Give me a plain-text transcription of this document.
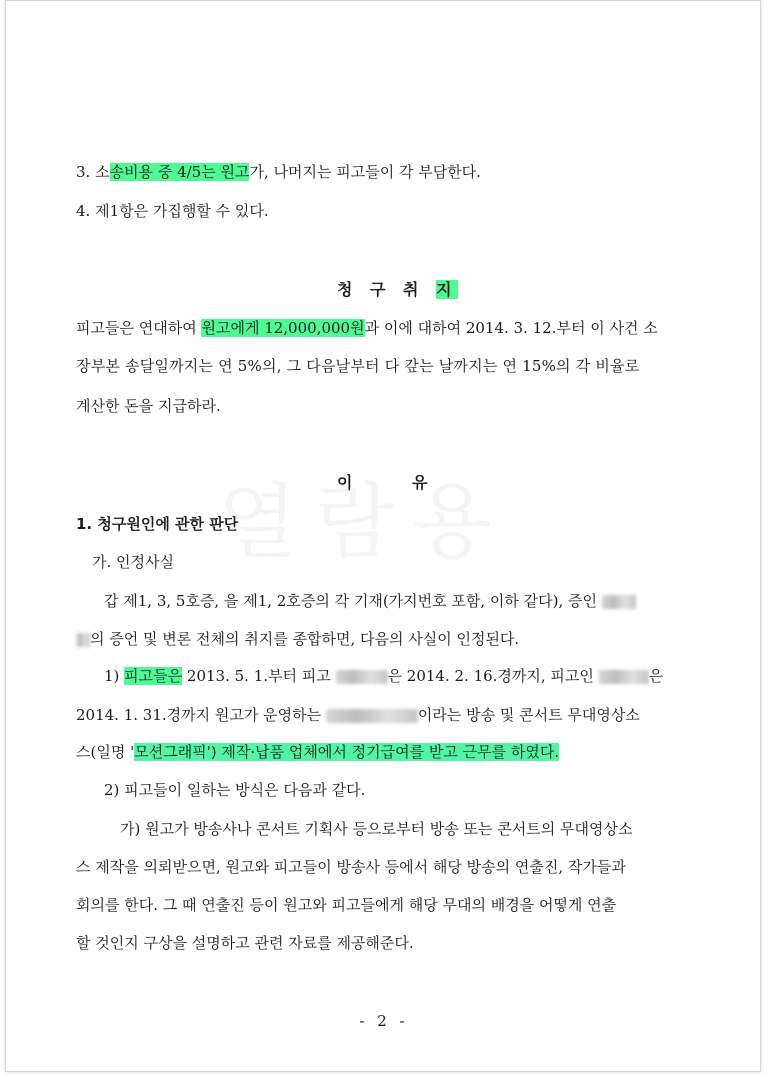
3. 소송비용 중 4/5는 원고가, 나머지는 피고들이 각 부담한다.
4. 제1항은 가집행할 수 있다.
청 구 취 지
피고들은 연대하여 원고에게 12,000,000원과 이에 대하여 2014. 3. 12.부터 이 사건 소
장부본 송달일까지는 연 5%의, 그 다음날부터 다 갚는 날까지는 연 15%의 각 비율로
계산한 돈을 지급하라.
이	유
1. 청구원인에 관한 판단
가. 인정사실
갑 제1, 3, 5호증, 을 제1, 2호증의 각 기재(가지번호 포함, 이하 같다), 증인
의 증언 및 변론 전체의 취지를 종합하면, 다음의 사실이 인정된다.
1) 피고들은 2013. 5. 1.부터 피고	은 2014. 2. 16.경까지, 피고인	은
2014. 1. 31.경까지 원고가 운영하는	이라는 방송 및 콘서트 무대영상소
스(일명 '모션그래픽') 제작·납품 업체에서 정기급여를 받고 근무를 하였다.
2) 피고들이 일하는 방식은 다음과 같다.
가) 원고가 방송사나 콘서트 기획사 등으로부터 방송 또는 콘서트의 무대영상소
스 제작을 의뢰받으면, 원고와 피고들이 방송사 등에서 해당 방송의 연출진, 작가들과
회의를 한다. 그 때 연출진 등이 원고와 피고들에게 해당 무대의 배경을 어떻게 연출
할 것인지 구상을 설명하고 관련 자료를 제공해준다.
- 2 -
